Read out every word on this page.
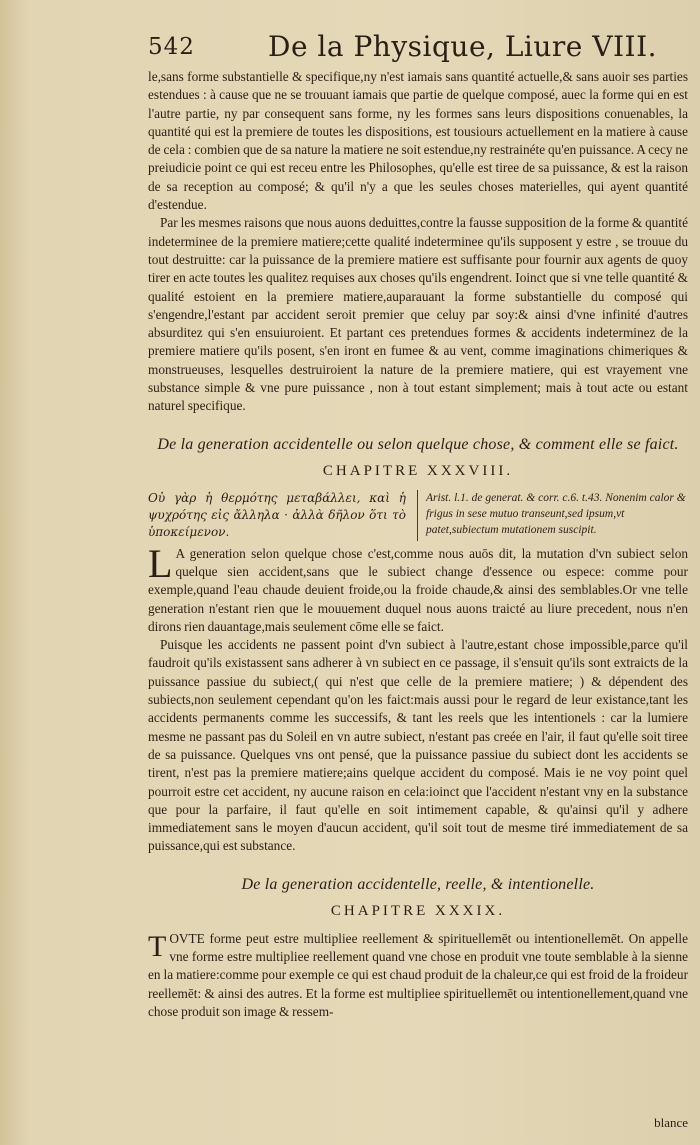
542	De la Physique, Liure VIII.

le,sans forme substantielle & specifique,ny n'est iamais sans quantité actuelle,& sans auoir ses parties estendues : à cause que ne se trouuant iamais que partie de quelque composé, auec la forme qui en est l'autre partie, ny par consequent sans forme, ny les formes sans leurs dispositions conuenables, la quantité qui est la premiere de toutes les dispositions, est tousiours actuellement en la matiere à cause de cela : combien que de sa nature la matiere ne soit estendue,ny restrainéte qu'en puissance. A cecy ne preiudicie point ce qui est receu entre les Philosophes, qu'elle est tiree de sa puissance, & est la raison de sa reception au composé; & qu'il n'y a que les seules choses materielles, qui ayent quantité d'estendue.

Par les mesmes raisons que nous auons deduittes,contre la fausse supposition de la forme & quantité indeterminee de la premiere matiere;cette qualité indeterminee qu'ils supposent y estre , se trouue du tout destruitte: car la puissance de la premiere matiere est suffisante pour fournir aux agents de quoy tirer en acte toutes les qualitez requises aux choses qu'ils engendrent. Ioinct que si vne telle quantité & qualité estoient en la premiere matiere,auparauant la forme substantielle du composé qui s'engendre,l'estant par accident seroit premier que celuy par soy:& ainsi d'vne infinité d'autres absurditez qui s'en ensuiuroient. Et partant ces pretendues formes & accidents indeterminez de la premiere matiere qu'ils posent, s'en iront en fumee & au vent, comme imaginations chimeriques & monstrueuses, lesquelles destruiroient la nature de la premiere matiere, qui est vrayement vne substance simple & vne pure puissance , non à tout estant simplement; mais à tout acte ou estant naturel specifique.

De la generation accidentelle ou selon quelque chose, & comment elle se faict.
CHAPITRE XXXVIII.
Οὐ γὰρ ἡ θερμότης μεταβάλλει, καὶ ἡ ψυχρότης εἰς ἄλληλα · ἀλλὰ δῆλον ὅτι τὸ ὑποκείμενον.
Arist. l.1. de generat. & corr. c.6. t.43. Nonenim calor & frigus in sese mutuo transeunt,sed ipsum,vt patet,subiectum mutationem suscipit.

L A generation selon quelque chose c'est,comme nous auōs dit, la mutation d'vn subiect selon quelque sien accident,sans que le subiect change d'essence ou espece: comme pour exemple,quand l'eau chaude deuient froide,ou la froide chaude,& ainsi des semblables.Or vne telle generation n'estant rien que le mouuement duquel nous auons traicté au liure precedent, nous n'en dirons rien dauantage,mais seulement cōme elle se faict.

Puisque les accidents ne passent point d'vn subiect à l'autre,estant chose impossible,parce qu'il faudroit qu'ils existassent sans adherer à vn subiect en ce passage, il s'ensuit qu'ils sont extraicts de la puissance passiue du subiect,( qui n'est que celle de la premiere matiere; ) & dépendent des subiects,non seulement cependant qu'on les faict:mais aussi pour le regard de leur existance,tant les accidents permanents comme les successifs, & tant les reels que les intentionels : car la lumiere mesme ne passant pas du Soleil en vn autre subiect, n'estant pas creée en l'air, il faut qu'elle soit tiree de sa puissance. Quelques vns ont pensé, que la puissance passiue du subiect dont les accidents se tirent, n'est pas la premiere matiere;ains quelque accident du composé. Mais ie ne voy point quel pourroit estre cet accident, ny aucune raison en cela:ioinct que l'accident n'estant vny en la substance que pour la parfaire, il faut qu'elle en soit intimement capable, & qu'ainsi qu'il y adhere immediatement sans le moyen d'aucun accident, qu'il soit tout de mesme tiré immediatement de sa puissance,qui est substance.

De la generation accidentelle, reelle, & intentionelle.
CHAPITRE XXXIX.

TOVTE forme peut estre multipliee reellement & spirituellemēt ou intentionellemēt. On appelle vne forme estre multipliee reellement quand vne chose en produit vne toute semblable à la sienne en la matiere:comme pour exemple ce qui est chaud produit de la chaleur,ce qui est froid de la froideur reellemēt: & ainsi des autres. Et la forme est multipliee spirituellemēt ou intentionellement,quand vne chose produit son image & ressem-

blance
